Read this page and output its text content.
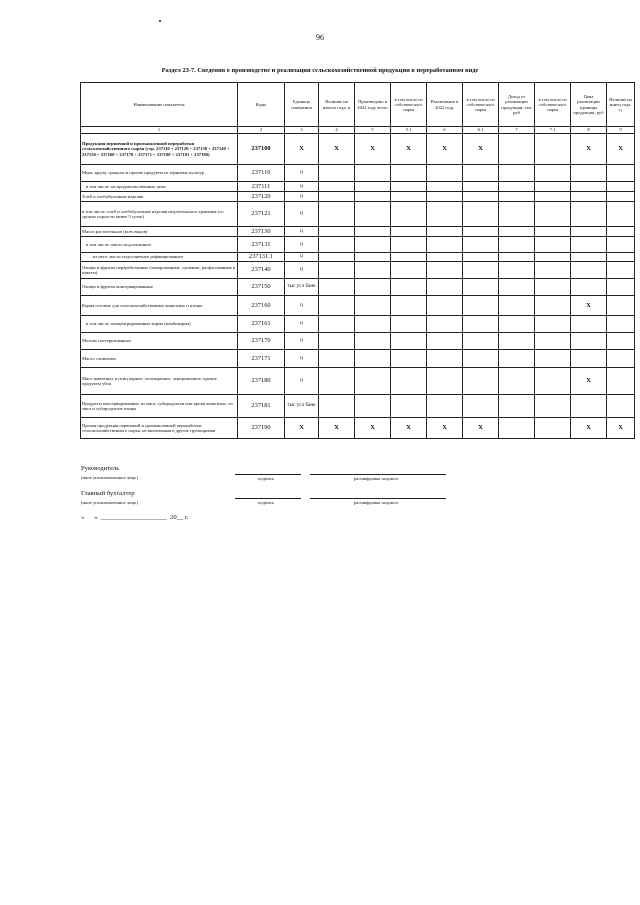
96
Раздел 23-7. Сведения о производстве и реализации сельскохозяйственной продукции в переработанном виде
Наименование показателя	Коды	Единица измерения	Наличие на начало года, ц	Произведено в 2022 году всего	в том числе из собствен-ного сырья	Реализовано в 2022 году	в том числе из собствен-ного сырья	Доход от реализации продукции, тыс руб	в том числе из собствен-ного сырья	Цена реализации единицы продукции, руб	Наличие на конец года, ц
1	2	3	4	5	5.1	6	6.1	7	7.1	8	9
Продукция первичной и промышленной переработки сельскохозяйственного сырья (стр. 237110 + 237120 + 237130 + 237140 + 237150 + 237160 + 237170 + 237171 + 237180 + 237181 + 237190)	237100	X	X	X	X	X	X			X	X
Мука, крупа, гранулы и прочие продукты из зерновых культур	237110	ц									
в том числе: на продовольственные цели	237111	ц									
Хлеб и хлебобулочные изделия	237120	ц									
в том числе: хлеб и хлебобулочные изделия недлительного хранения (со сроком годности менее 5 суток)	237121	ц									
Масло растительное (всех видов)	237130	ц									
в том числе: масло подсолнечное	237131	ц									
из него: масло подсолнечное рафинированное	237131.1	ц									
Овощи и фрукты переработанные (замороженные, сушеные, расфасованные в пакеты)	237140	ц									
Овощи и фрукты консервированные	237150	тыс усл банк									
Корма готовые для сельскохозяйственных животных и птицы	237160	ц								X	
в том числе: концентрированные корма (комбикорма)	237161	ц									
Молоко пастеризованное	237170	ц									
Масло сливочное	237171	ц									
Мясо животных и птиц парное, охлажденное, замороженное, прочие продукты убоя	237180	ц								X	
Продукты консервированные из мяса, субпродуктов или крови животных, из мяса и субпродуктов птицы	237181	тыс усл банк									
Прочая продукция первичной и промышленной переработки сельскохозяйственного сырья, не включенная в другие группировки	237190	X	X	X	X	X	X			X	X
Руководитель
(иное уполномоченное лицо)	подпись	расшифровка подписи
Главный бухгалтер
(иное уполномоченное лицо)	подпись	расшифровка подписи
«      »  ____________________  20__ г.
